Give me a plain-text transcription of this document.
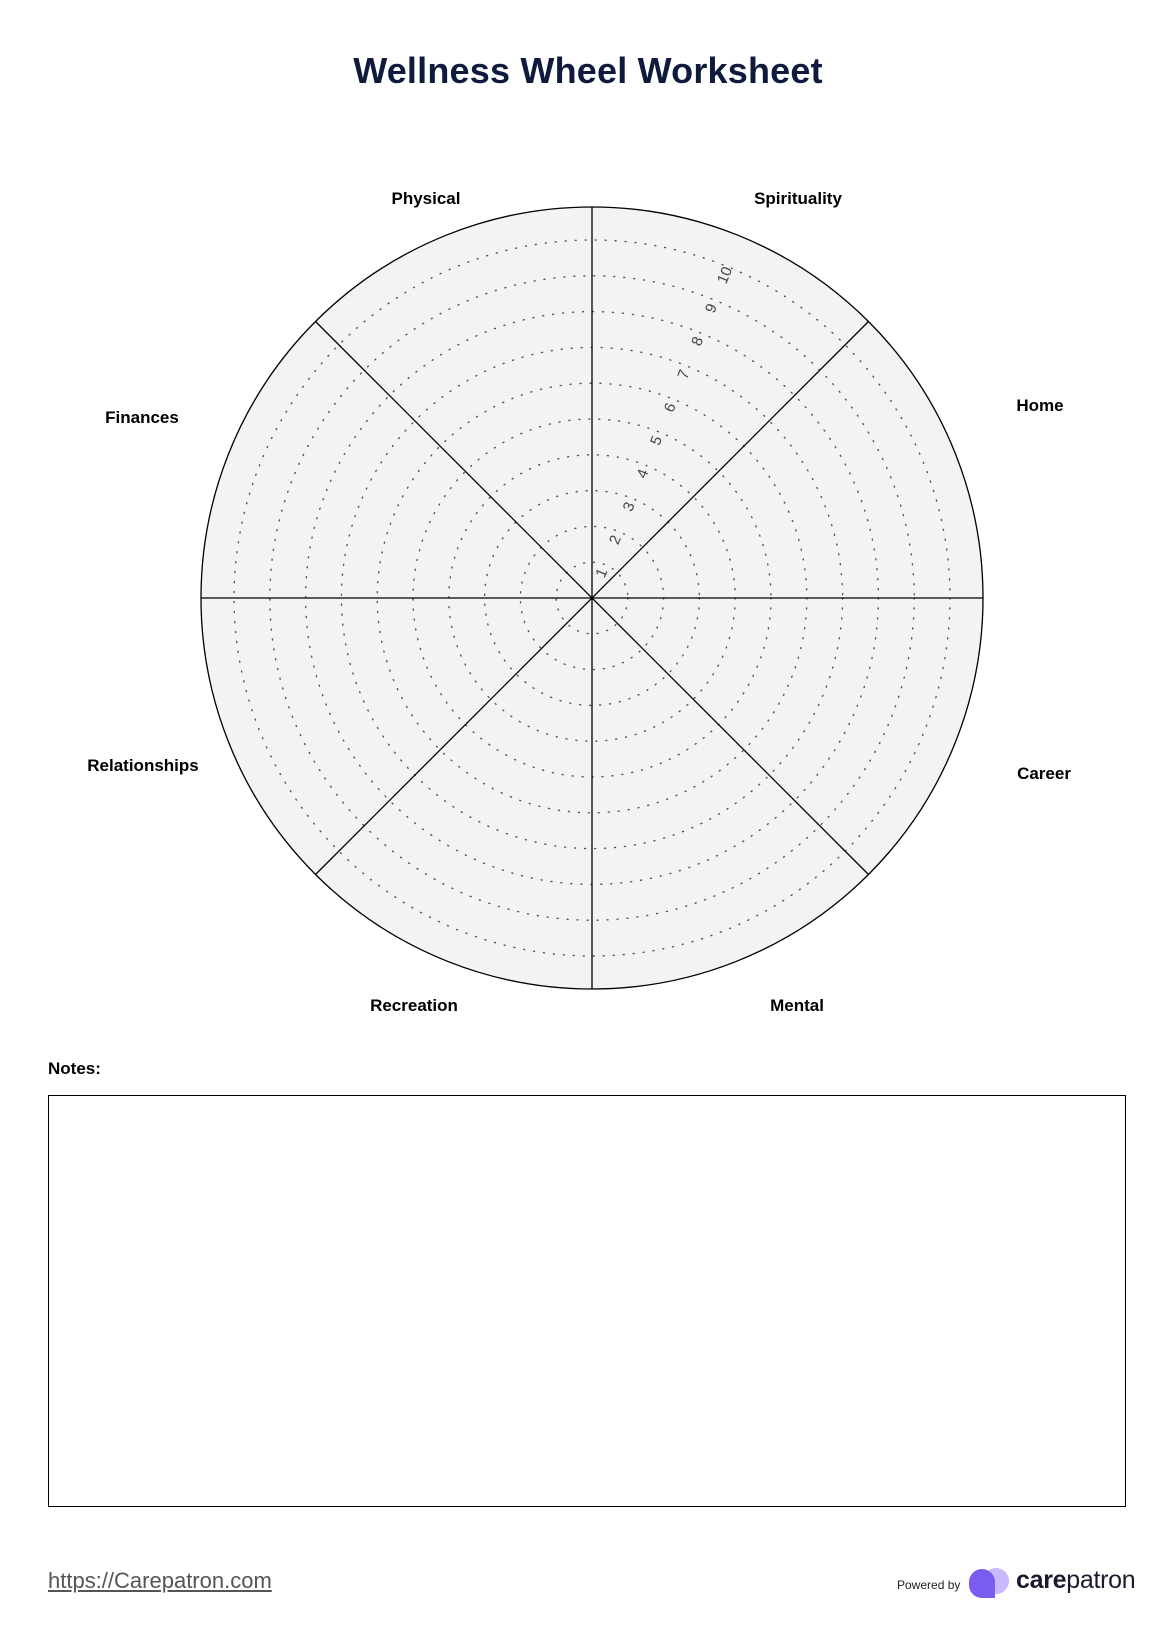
Wellness Wheel Worksheet
1
2
3
4
5
6
7
8
9
10
Physical	Spirituality
Home
Career
Mental
Recreation
Relationships
Finances
Notes:
https://Carepatron.com	Powered by carepatron
